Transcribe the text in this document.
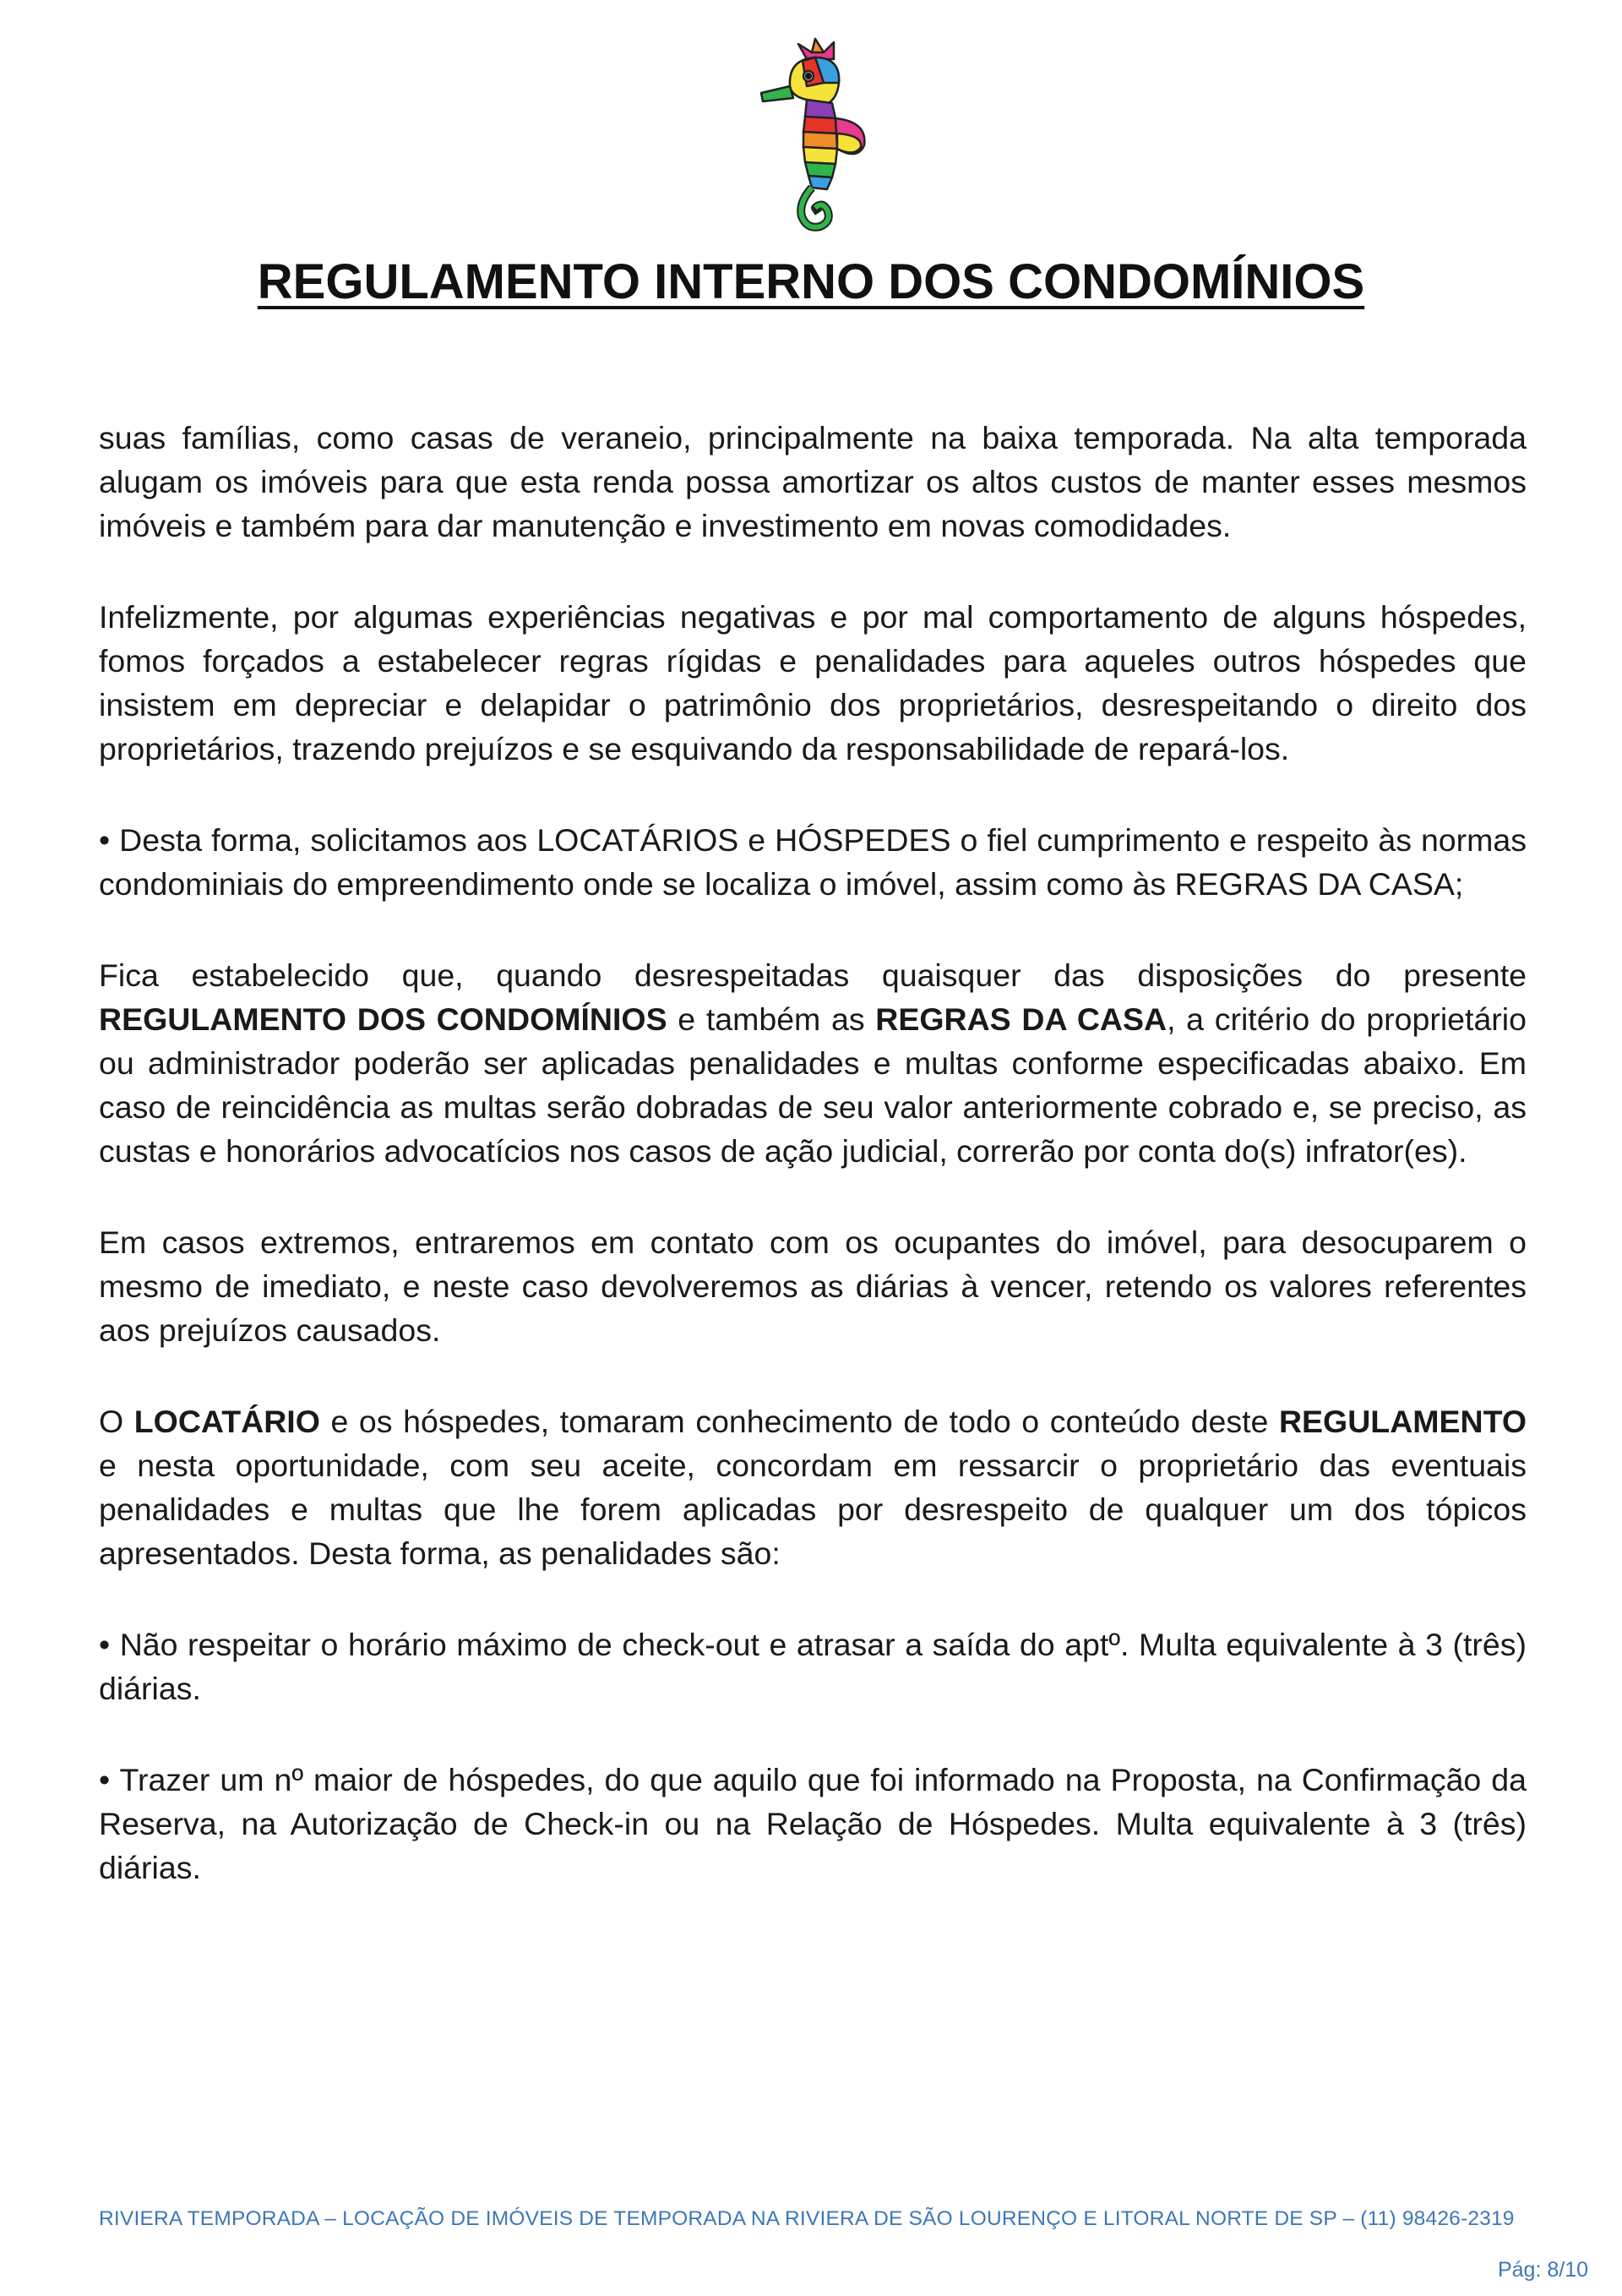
REGULAMENTO INTERNO DOS CONDOMÍNIOS

suas famílias, como casas de veraneio, principalmente na baixa temporada. Na alta temporada alugam os imóveis para que esta renda possa amortizar os altos custos de manter esses mesmos imóveis e também para dar manutenção e investimento em novas comodidades.

Infelizmente, por algumas experiências negativas e por mal comportamento de alguns hóspedes, fomos forçados a estabelecer regras rígidas e penalidades para aqueles outros hóspedes que insistem em depreciar e delapidar o patrimônio dos proprietários, desrespeitando o direito dos proprietários, trazendo prejuízos e se esquivando da responsabilidade de repará-los.

• Desta forma, solicitamos aos LOCATÁRIOS e HÓSPEDES o fiel cumprimento e respeito às normas condominiais do empreendimento onde se localiza o imóvel, assim como às REGRAS DA CASA;

Fica estabelecido que, quando desrespeitadas quaisquer das disposições do presente REGULAMENTO DOS CONDOMÍNIOS e também as REGRAS DA CASA, a critério do proprietário ou administrador poderão ser aplicadas penalidades e multas conforme especificadas abaixo. Em caso de reincidência as multas serão dobradas de seu valor anteriormente cobrado e, se preciso, as custas e honorários advocatícios nos casos de ação judicial, correrão por conta do(s) infrator(es).

Em casos extremos, entraremos em contato com os ocupantes do imóvel, para desocuparem o mesmo de imediato, e neste caso devolveremos as diárias à vencer, retendo os valores referentes aos prejuízos causados.

O LOCATÁRIO e os hóspedes, tomaram conhecimento de todo o conteúdo deste REGULAMENTO e nesta oportunidade, com seu aceite, concordam em ressarcir o proprietário das eventuais penalidades e multas que lhe forem aplicadas por desrespeito de qualquer um dos tópicos apresentados. Desta forma, as penalidades são:

• Não respeitar o horário máximo de check-out e atrasar a saída do aptº. Multa equivalente à 3 (três) diárias.

• Trazer um nº maior de hóspedes, do que aquilo que foi informado na Proposta, na Confirmação da Reserva, na Autorização de Check-in ou na Relação de Hóspedes. Multa equivalente à 3 (três) diárias.

RIVIERA TEMPORADA – LOCAÇÃO DE IMÓVEIS DE TEMPORADA NA RIVIERA DE SÃO LOURENÇO E LITORAL NORTE DE SP – (11) 98426-2319
Pág: 8/10
